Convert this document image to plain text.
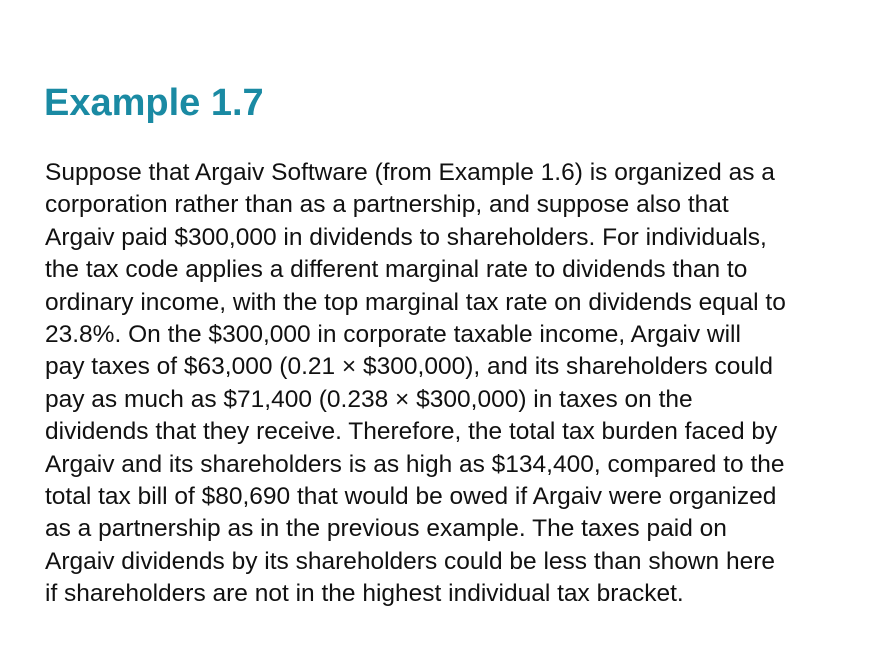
Example 1.7
Suppose that Argaiv Software (from Example 1.6) is organized as a
corporation rather than as a partnership, and suppose also that
Argaiv paid $300,000 in dividends to shareholders. For individuals,
the tax code applies a different marginal rate to dividends than to
ordinary income, with the top marginal tax rate on dividends equal to
23.8%. On the $300,000 in corporate taxable income, Argaiv will
pay taxes of $63,000 (0.21 × $300,000), and its shareholders could
pay as much as $71,400 (0.238 × $300,000) in taxes on the
dividends that they receive. Therefore, the total tax burden faced by
Argaiv and its shareholders is as high as $134,400, compared to the
total tax bill of $80,690 that would be owed if Argaiv were organized
as a partnership as in the previous example. The taxes paid on
Argaiv dividends by its shareholders could be less than shown here
if shareholders are not in the highest individual tax bracket.
